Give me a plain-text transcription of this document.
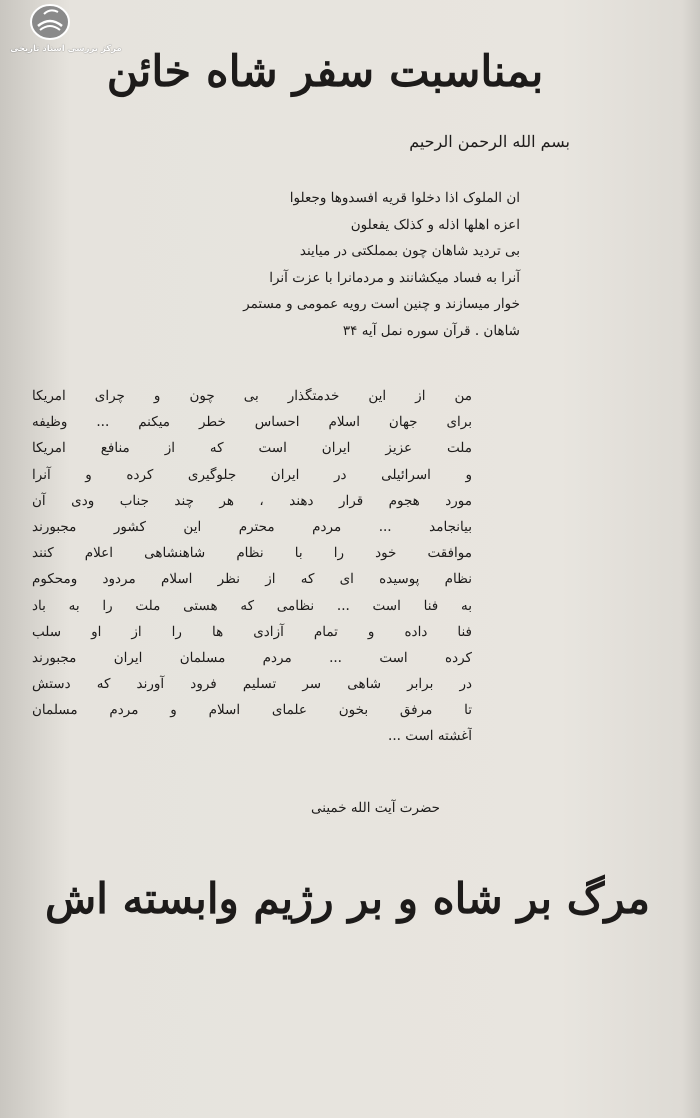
مرکز بررسی اسناد تاریخی
بمناسبت سفر شاه خائن
بسم الله الرحمن الرحیم
ان الملوک اذا دخلوا قریه افسدوها وجعلوا
اعزه اهلها اذله و کذلک یفعلون
بی تردید شاهان چون بمملکتی در میایند
آنرا به فساد میکشانند و مردمانرا با عزت آنرا
خوار میسازند و چنین است رویه عمومی و مستمر
شاهان . قرآن سوره نمل آیه ۳۴
من از این خدمتگذار بی چون و چرای امریکا
برای جهان اسلام احساس خطر میکنم ... وظیفه
ملت عزیز ایران است که از منافع امریکا
و اسرائیلی در ایران جلوگیری کرده و آنرا
مورد هجوم قرار دهند ، هر چند جناب ودی آن
بیانجامد ... مردم محترم این کشور مجبورند
موافقت خود را با نظام شاهنشاهی اعلام کنند
نظام پوسیده ای که از نظر اسلام مردود ومحکوم
به فنا است ... نظامی که هستی ملت را به باد
فنا داده و تمام آزادی ها را از او سلب
کرده است ... مردم مسلمان ایران مجبورند
در برابر شاهی سر تسلیم فرود آورند که دستش
تا مرفق بخون علمای اسلام و مردم مسلمان
آغشته است ...
حضرت آیت الله خمینی
مرگ بر شاه و بر رژیم وابسته اش
